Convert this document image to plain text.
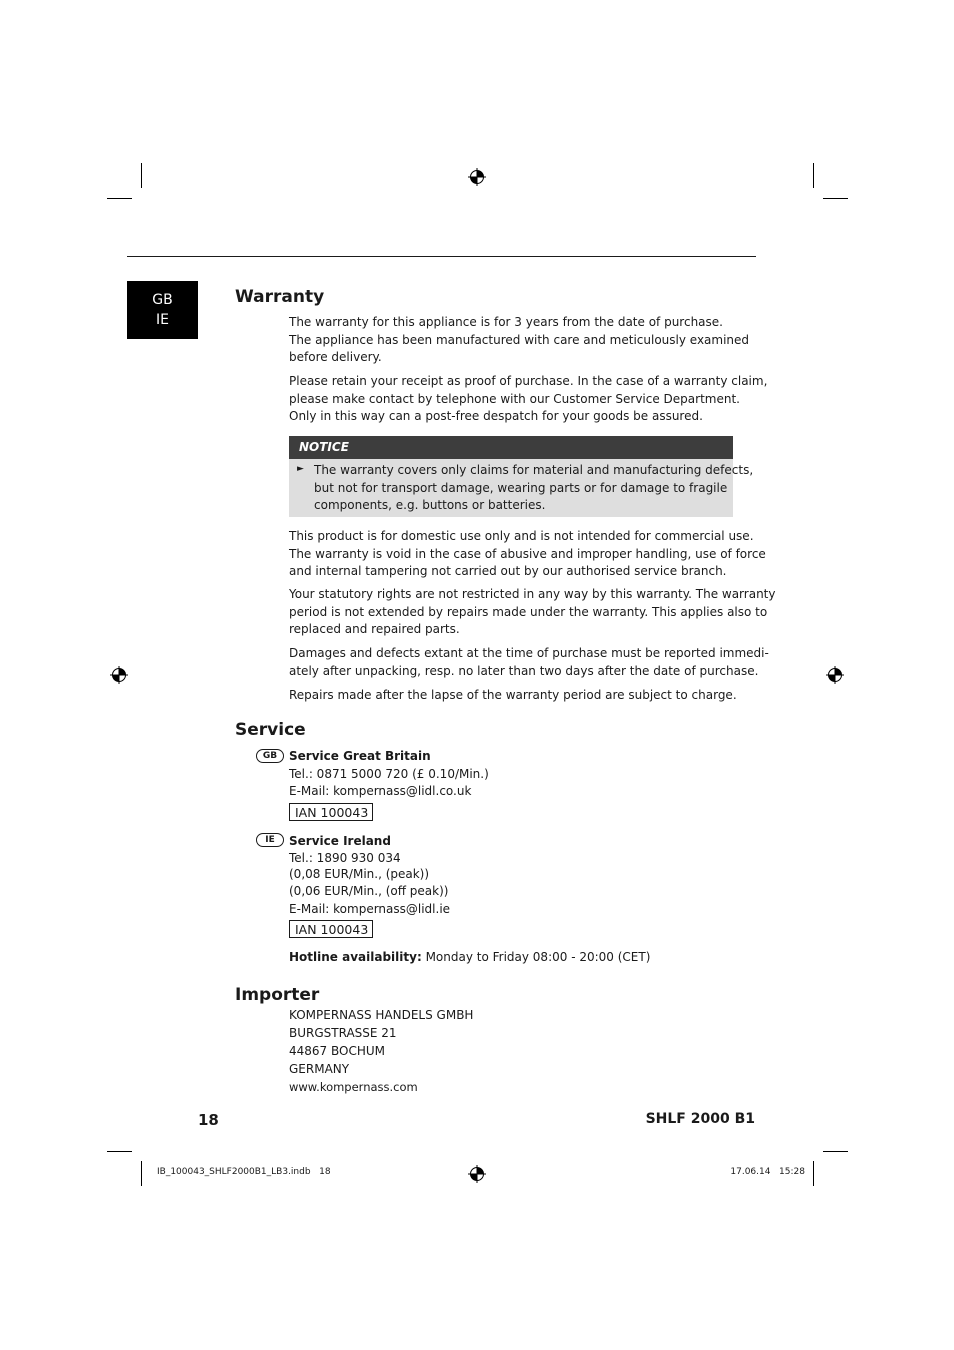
GB
IE
Warranty
The warranty for this appliance is for 3 years from the date of purchase.
The appliance has been manufactured with care and meticulously examined
before delivery.
Please retain your receipt as proof of purchase. In the case of a warranty claim,
please make contact by telephone with our Customer Service Department.
Only in this way can a post-free despatch for your goods be assured.
NOTICE
► The warranty covers only claims for material and manufacturing defects,
but not for transport damage, wearing parts or for damage to fragile
components, e.g. buttons or batteries.
This product is for domestic use only and is not intended for commercial use.
The warranty is void in the case of abusive and improper handling, use of force
and internal tampering not carried out by our authorised service branch.
Your statutory rights are not restricted in any way by this warranty. The warranty
period is not extended by repairs made under the warranty. This applies also to
replaced and repaired parts.
Damages and defects extant at the time of purchase must be reported immedi-
ately after unpacking, resp. no later than two days after the date of purchase.
Repairs made after the lapse of the warranty period are subject to charge.
Service
GB Service Great Britain
Tel.: 0871 5000 720 (£ 0.10/Min.)
E-Mail: kompernass@lidl.co.uk
IAN 100043
IE	Service Ireland
Tel.: 1890 930 034
(0,08 EUR/Min., (peak))
(0,06 EUR/Min., (off peak))
E-Mail: kompernass@lidl.ie
IAN 100043
Hotline availability: Monday to Friday 08:00 - 20:00 (CET)
Importer
KOMPERNASS HANDELS GMBH
BURGSTRASSE 21
44867 BOCHUM
GERMANY
www.kompernass.com
18	SHLF 2000 B1
IB_100043_SHLF2000B1_LB3.indb   18	17.06.14   15:28
